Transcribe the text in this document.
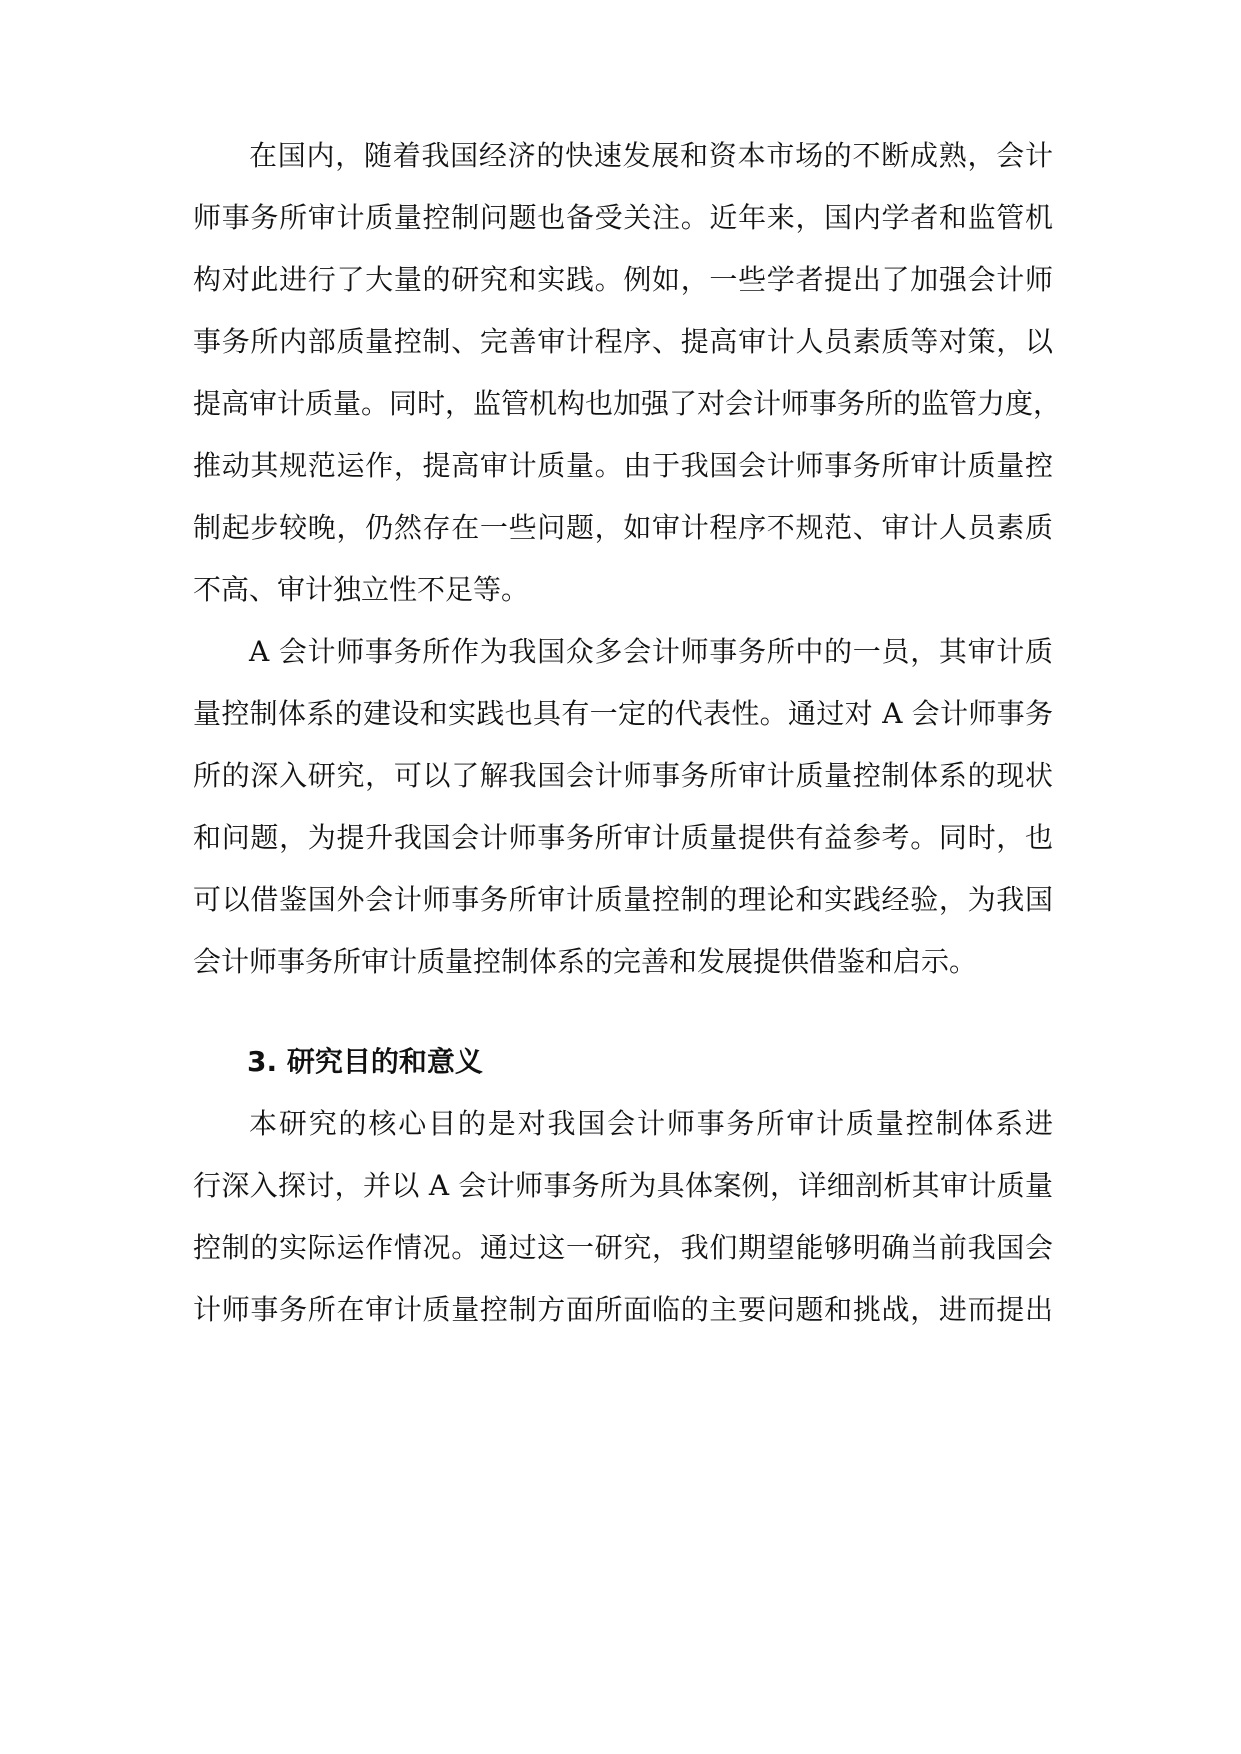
在国内，随着我国经济的快速发展和资本市场的不断成熟，会计
师事务所审计质量控制问题也备受关注。近年来，国内学者和监管机
构对此进行了大量的研究和实践。例如，一些学者提出了加强会计师
事务所内部质量控制、完善审计程序、提高审计人员素质等对策，以
提高审计质量。同时，监管机构也加强了对会计师事务所的监管力度，
推动其规范运作，提高审计质量。由于我国会计师事务所审计质量控
制起步较晚，仍然存在一些问题，如审计程序不规范、审计人员素质
不高、审计独立性不足等。
A 会计师事务所作为我国众多会计师事务所中的一员，其审计质
量控制体系的建设和实践也具有一定的代表性。通过对 A 会计师事务
所的深入研究，可以了解我国会计师事务所审计质量控制体系的现状
和问题，为提升我国会计师事务所审计质量提供有益参考。同时，也
可以借鉴国外会计师事务所审计质量控制的理论和实践经验，为我国
会计师事务所审计质量控制体系的完善和发展提供借鉴和启示。
3. 研究目的和意义
本研究的核心目的是对我国会计师事务所审计质量控制体系进
行深入探讨，并以 A 会计师事务所为具体案例，详细剖析其审计质量
控制的实际运作情况。通过这一研究，我们期望能够明确当前我国会
计师事务所在审计质量控制方面所面临的主要问题和挑战，进而提出
